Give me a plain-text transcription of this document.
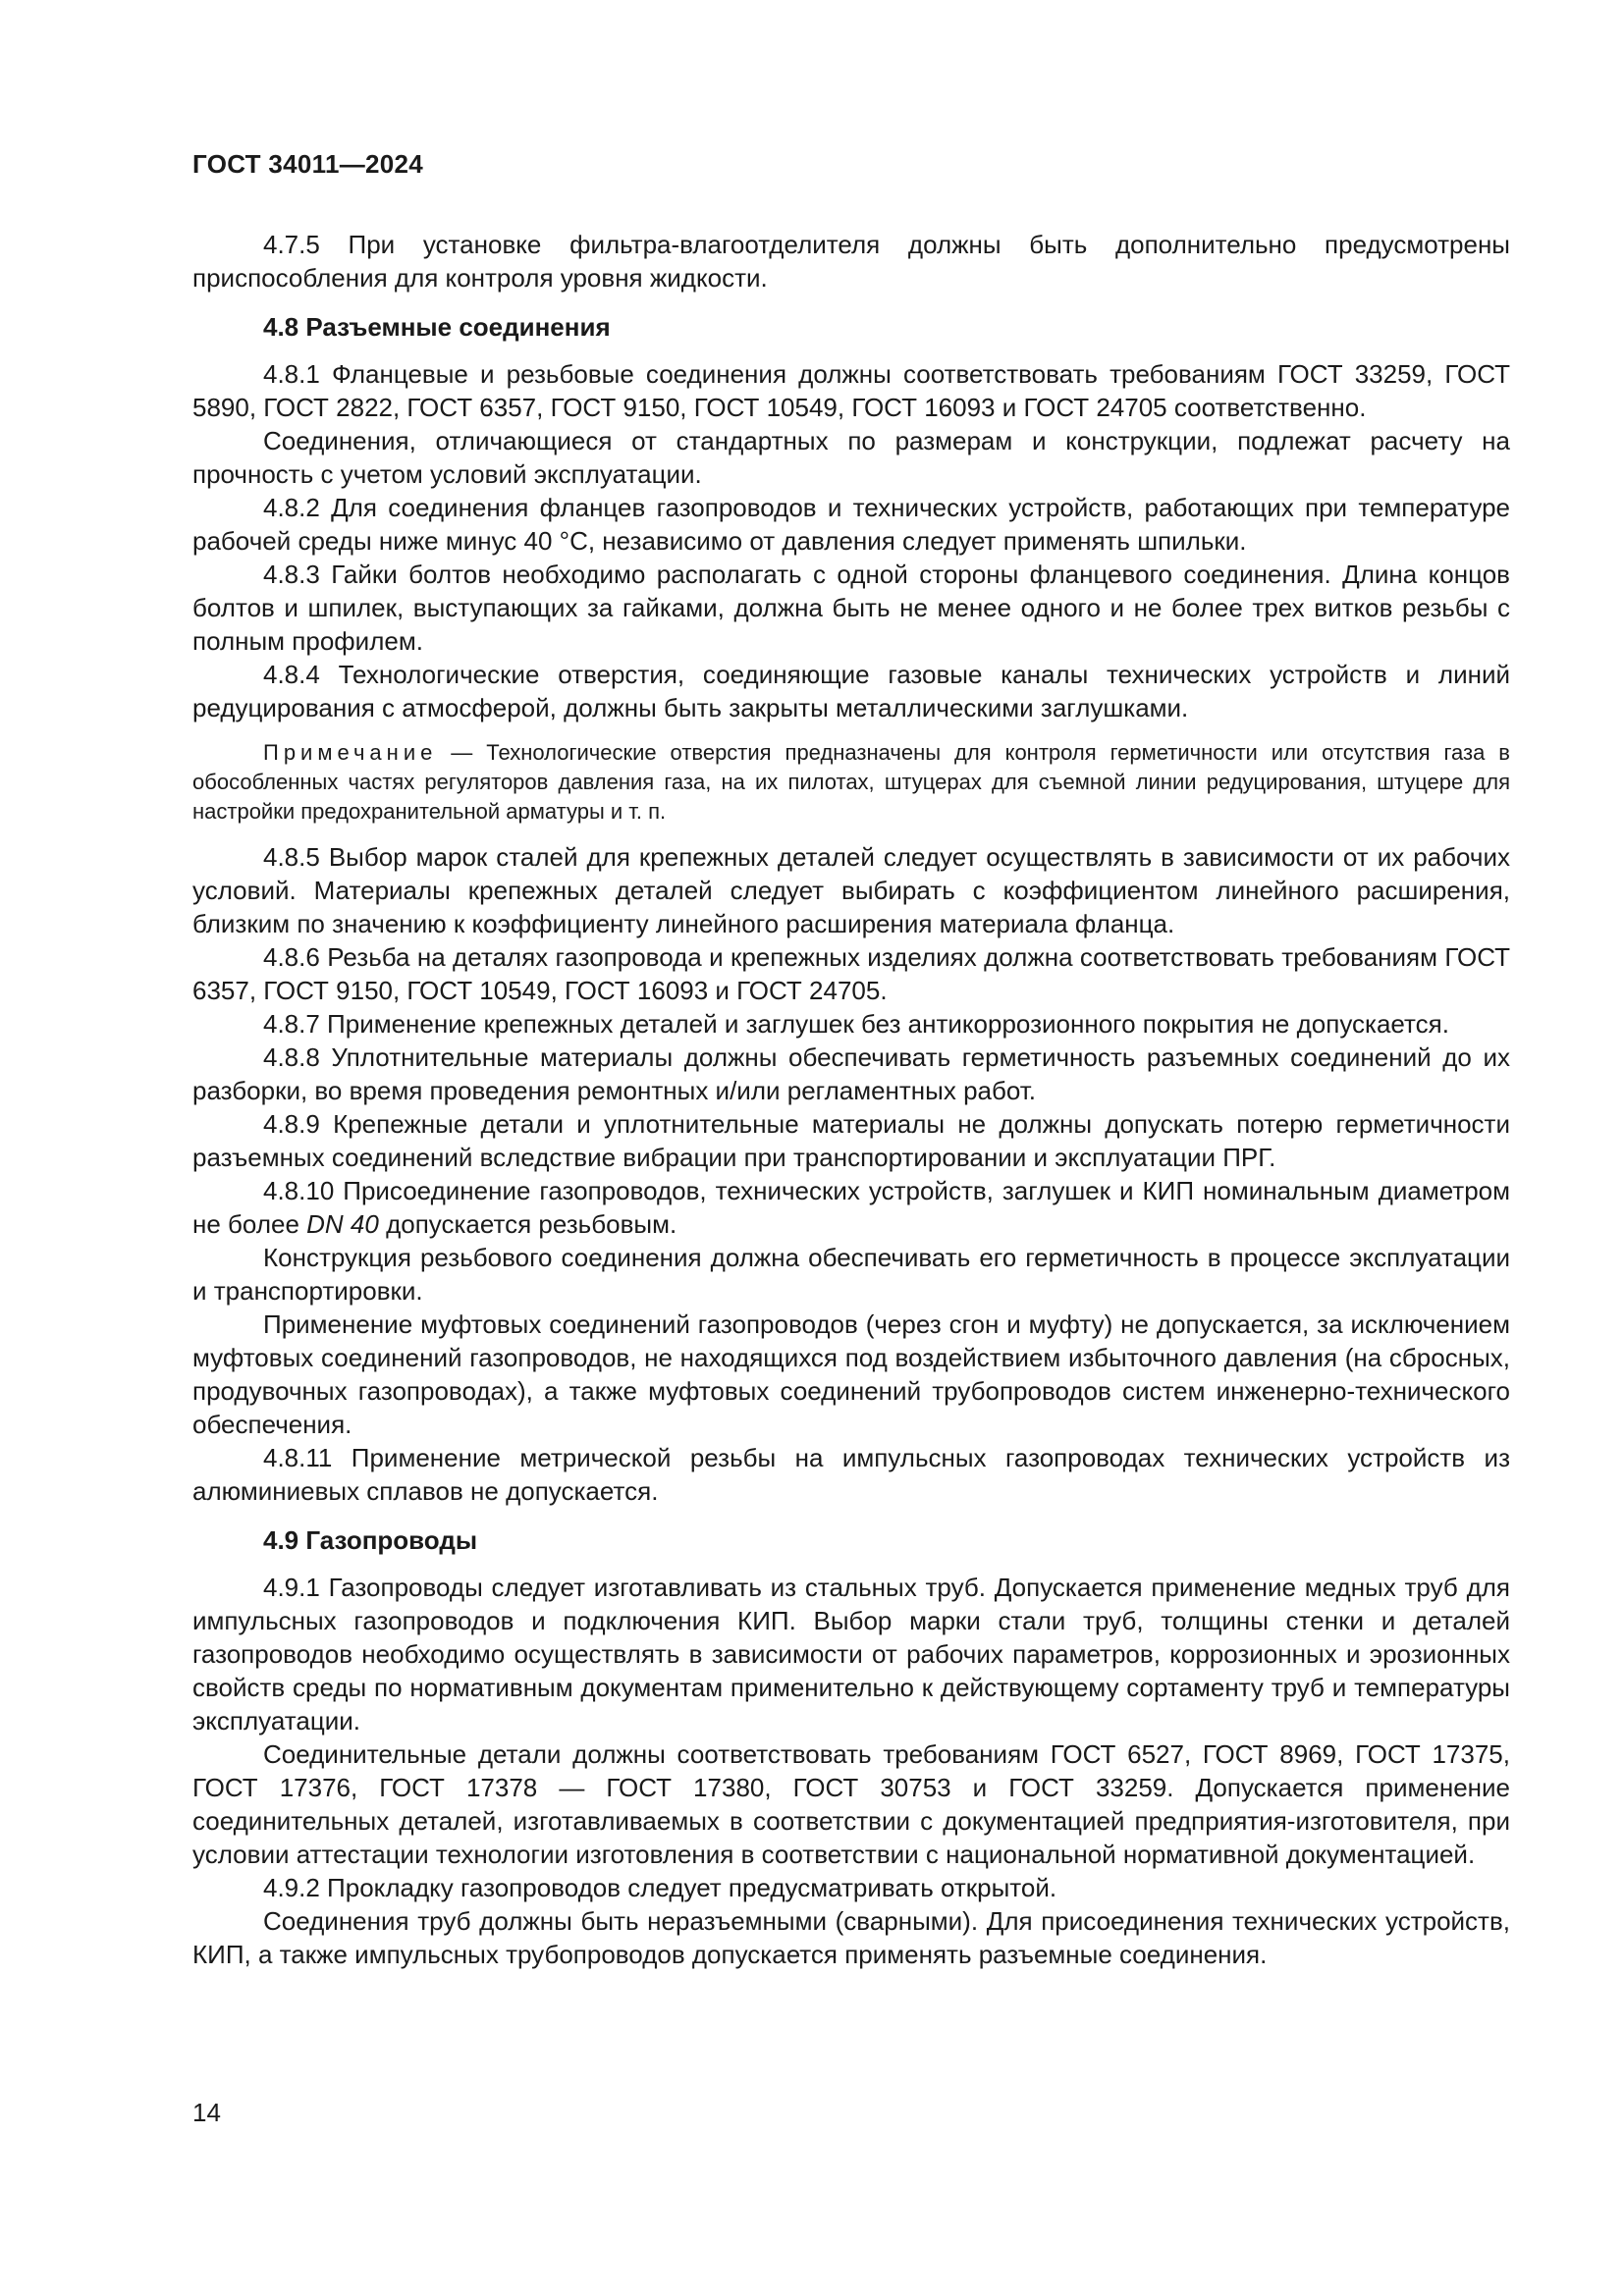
ГОСТ 34011—2024

4.7.5 При установке фильтра-влагоотделителя должны быть дополнительно предусмотрены приспособления для контроля уровня жидкости.

4.8 Разъемные соединения

4.8.1 Фланцевые и резьбовые соединения должны соответствовать требованиям ГОСТ 33259, ГОСТ 5890, ГОСТ 2822, ГОСТ 6357, ГОСТ 9150, ГОСТ 10549, ГОСТ 16093 и ГОСТ 24705 соответственно.

Соединения, отличающиеся от стандартных по размерам и конструкции, подлежат расчету на прочность с учетом условий эксплуатации.

4.8.2 Для соединения фланцев газопроводов и технических устройств, работающих при температуре рабочей среды ниже минус 40 °С, независимо от давления следует применять шпильки.

4.8.3 Гайки болтов необходимо располагать с одной стороны фланцевого соединения. Длина концов болтов и шпилек, выступающих за гайками, должна быть не менее одного и не более трех витков резьбы с полным профилем.

4.8.4 Технологические отверстия, соединяющие газовые каналы технических устройств и линий редуцирования с атмосферой, должны быть закрыты металлическими заглушками.

Примечание — Технологические отверстия предназначены для контроля герметичности или отсутствия газа в обособленных частях регуляторов давления газа, на их пилотах, штуцерах для съемной линии редуцирования, штуцере для настройки предохранительной арматуры и т. п.

4.8.5 Выбор марок сталей для крепежных деталей следует осуществлять в зависимости от их рабочих условий. Материалы крепежных деталей следует выбирать с коэффициентом линейного расширения, близким по значению к коэффициенту линейного расширения материала фланца.

4.8.6 Резьба на деталях газопровода и крепежных изделиях должна соответствовать требованиям ГОСТ 6357, ГОСТ 9150, ГОСТ 10549, ГОСТ 16093 и ГОСТ 24705.

4.8.7 Применение крепежных деталей и заглушек без антикоррозионного покрытия не допускается.

4.8.8 Уплотнительные материалы должны обеспечивать герметичность разъемных соединений до их разборки, во время проведения ремонтных и/или регламентных работ.

4.8.9 Крепежные детали и уплотнительные материалы не должны допускать потерю герметичности разъемных соединений вследствие вибрации при транспортировании и эксплуатации ПРГ.

4.8.10 Присоединение газопроводов, технических устройств, заглушек и КИП номинальным диаметром не более DN 40 допускается резьбовым.

Конструкция резьбового соединения должна обеспечивать его герметичность в процессе эксплуатации и транспортировки.

Применение муфтовых соединений газопроводов (через сгон и муфту) не допускается, за исключением муфтовых соединений газопроводов, не находящихся под воздействием избыточного давления (на сбросных, продувочных газопроводах), а также муфтовых соединений трубопроводов систем инженерно-технического обеспечения.

4.8.11 Применение метрической резьбы на импульсных газопроводах технических устройств из алюминиевых сплавов не допускается.

4.9 Газопроводы

4.9.1 Газопроводы следует изготавливать из стальных труб. Допускается применение медных труб для импульсных газопроводов и подключения КИП. Выбор марки стали труб, толщины стенки и деталей газопроводов необходимо осуществлять в зависимости от рабочих параметров, коррозионных и эрозионных свойств среды по нормативным документам применительно к действующему сортаменту труб и температуры эксплуатации.

Соединительные детали должны соответствовать требованиям ГОСТ 6527, ГОСТ 8969, ГОСТ 17375, ГОСТ 17376, ГОСТ 17378 — ГОСТ 17380, ГОСТ 30753 и ГОСТ 33259. Допускается применение соединительных деталей, изготавливаемых в соответствии с документацией предприятия-изготовителя, при условии аттестации технологии изготовления в соответствии с национальной нормативной документацией.

4.9.2 Прокладку газопроводов следует предусматривать открытой.

Соединения труб должны быть неразъемными (сварными). Для присоединения технических устройств, КИП, а также импульсных трубопроводов допускается применять разъемные соединения.

14
